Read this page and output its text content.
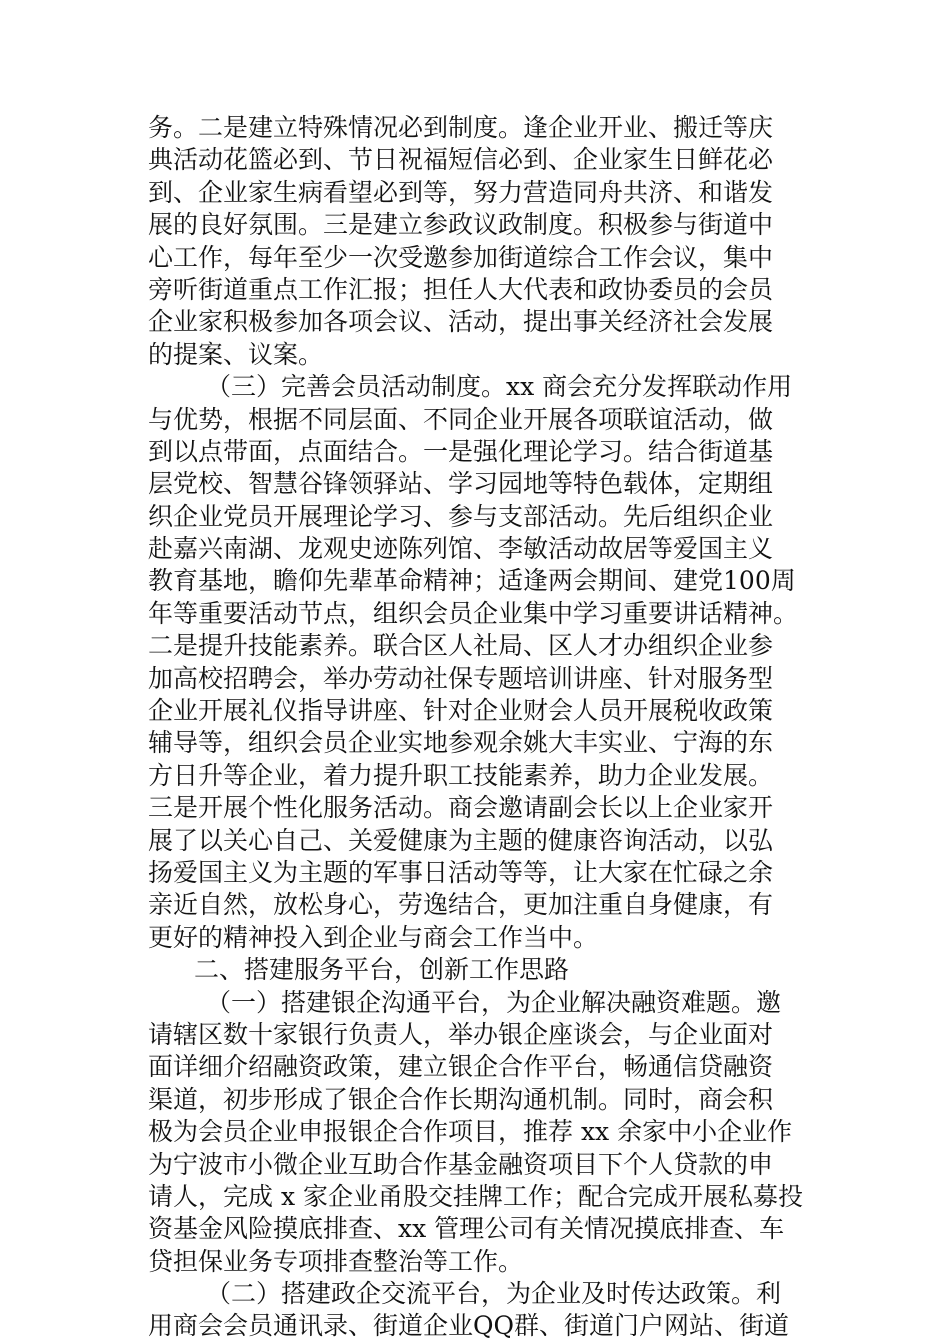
务。二是建立特殊情况必到制度。逢企业开业、搬迁等庆
典活动花篮必到、节日祝福短信必到、企业家生日鲜花必
到、企业家生病看望必到等，努力营造同舟共济、和谐发
展的良好氛围。三是建立参政议政制度。积极参与街道中
心工作，每年至少一次受邀参加街道综合工作会议，集中
旁听街道重点工作汇报；担任人大代表和政协委员的会员
企业家积极参加各项会议、活动，提出事关经济社会发展
的提案、议案。
（三）完善会员活动制度。xx 商会充分发挥联动作用
与优势，根据不同层面、不同企业开展各项联谊活动，做
到以点带面，点面结合。一是强化理论学习。结合街道基
层党校、智慧谷锋领驿站、学习园地等特色载体，定期组
织企业党员开展理论学习、参与支部活动。先后组织企业
赴嘉兴南湖、龙观史迹陈列馆、李敏活动故居等爱国主义
教育基地，瞻仰先辈革命精神；适逢两会期间、建党100周
年等重要活动节点，组织会员企业集中学习重要讲话精神。
二是提升技能素养。联合区人社局、区人才办组织企业参
加高校招聘会，举办劳动社保专题培训讲座、针对服务型
企业开展礼仪指导讲座、针对企业财会人员开展税收政策
辅导等，组织会员企业实地参观余姚大丰实业、宁海的东
方日升等企业，着力提升职工技能素养，助力企业发展。
三是开展个性化服务活动。商会邀请副会长以上企业家开
展了以关心自己、关爱健康为主题的健康咨询活动，以弘
扬爱国主义为主题的军事日活动等等，让大家在忙碌之余
亲近自然，放松身心，劳逸结合，更加注重自身健康，有
更好的精神投入到企业与商会工作当中。
二、搭建服务平台，创新工作思路
（一）搭建银企沟通平台，为企业解决融资难题。邀
请辖区数十家银行负责人，举办银企座谈会，与企业面对
面详细介绍融资政策，建立银企合作平台，畅通信贷融资
渠道，初步形成了银企合作长期沟通机制。同时，商会积
极为会员企业申报银企合作项目，推荐 xx 余家中小企业作
为宁波市小微企业互助合作基金融资项目下个人贷款的申
请人，完成 x 家企业甬股交挂牌工作；配合完成开展私募投
资基金风险摸底排查、xx 管理公司有关情况摸底排查、车
贷担保业务专项排查整治等工作。
（二）搭建政企交流平台，为企业及时传达政策。利
用商会会员通讯录、街道企业QQ群、街道门户网站、街道
